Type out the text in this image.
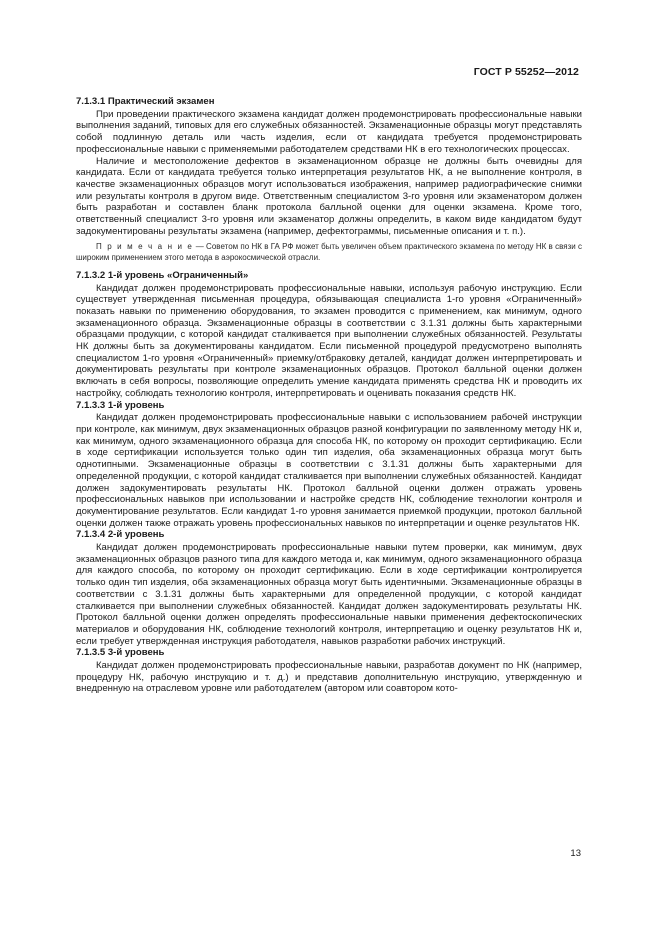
ГОСТ Р 55252—2012
7.1.3.1 Практический экзамен

При проведении практического экзамена кандидат должен продемонстрировать профессиональные навыки выполнения заданий, типовых для его служебных обязанностей. Экзаменационные образцы могут представлять собой подлинную деталь или часть изделия, если от кандидата требуется продемонстрировать профессиональные навыки с применяемыми работодателем средствами НК в его технологических процессах.

Наличие и местоположение дефектов в экзаменационном образце не должны быть очевидны для кандидата. Если от кандидата требуется только интерпретация результатов НК, а не выполнение контроля, в качестве экзаменационных образцов могут использоваться изображения, например радиографические снимки или результаты контроля в другом виде. Ответственным специалистом 3-го уровня или экзаменатором должен быть разработан и составлен бланк протокола балльной оценки для оценки экзамена. Кроме того, ответственный специалист 3-го уровня или экзаменатор должны определить, в каком виде кандидатом будут задокументированы результаты экзамена (например, дефектограммы, письменные описания и т. п.).

П р и м е ч а н и е — Советом по НК в ГА РФ может быть увеличен объем практического экзамена по методу НК в связи с широким применением этого метода в аэрокосмической отрасли.

7.1.3.2 1-й уровень «Ограниченный»

Кандидат должен продемонстрировать профессиональные навыки, используя рабочую инструкцию. Если существует утвержденная письменная процедура, обязывающая специалиста 1-го уровня «Ограниченный» показать навыки по применению оборудования, то экзамен проводится с применением, как минимум, одного экзаменационного образца. Экзаменационные образцы в соответствии с 3.1.31 должны быть характерными образцами продукции, с которой кандидат сталкивается при выполнении служебных обязанностей. Результаты НК должны быть за документированы кандидатом. Если письменной процедурой предусмотрено выполнять специалистом 1-го уровня «Ограниченный» приемку/отбраковку деталей, кандидат должен интерпретировать и документировать результаты при контроле экзаменационных образцов. Протокол балльной оценки должен включать в себя вопросы, позволяющие определить умение кандидата применять средства НК и проводить их настройку, соблюдать технологию контроля, интерпретировать и оценивать показания средств НК.

7.1.3.3 1-й уровень

Кандидат должен продемонстрировать профессиональные навыки с использованием рабочей инструкции при контроле, как минимум, двух экзаменационных образцов разной конфигурации по заявленному методу НК и, как минимум, одного экзаменационного образца для способа НК, по которому он проходит сертификацию. Если в ходе сертификации используется только один тип изделия, оба экзаменационных образца могут быть однотипными. Экзаменационные образцы в соответствии с 3.1.31 должны быть характерными для определенной продукции, с которой кандидат сталкивается при выполнении служебных обязанностей. Кандидат должен задокументировать результаты НК. Протокол балльной оценки должен отражать уровень профессиональных навыков при использовании и настройке средств НК, соблюдение технологии контроля и документирование результатов. Если кандидат 1-го уровня занимается приемкой продукции, протокол балльной оценки должен также отражать уровень профессиональных навыков по интерпретации и оценке результатов НК.

7.1.3.4 2-й уровень

Кандидат должен продемонстрировать профессиональные навыки путем проверки, как минимум, двух экзаменационных образцов разного типа для каждого метода и, как минимум, одного экзаменационного образца для каждого способа, по которому он проходит сертификацию. Если в ходе сертификации контролируется только один тип изделия, оба экзаменационных образца могут быть идентичными. Экзаменационные образцы в соответствии с 3.1.31 должны быть характерными для определенной продукции, с которой кандидат сталкивается при выполнении служебных обязанностей. Кандидат должен задокументировать результаты НК. Протокол балльной оценки должен определять профессиональные навыки применения дефектоскопических материалов и оборудования НК, соблюдение технологий контроля, интерпретацию и оценку результатов НК и, если требует утвержденная инструкция работодателя, навыков разработки рабочих инструкций.

7.1.3.5 3-й уровень

Кандидат должен продемонстрировать профессиональные навыки, разработав документ по НК (например, процедуру НК, рабочую инструкцию и т. д.) и представив дополнительную инструкцию, утвержденную и внедренную на отраслевом уровне или работодателем (автором или соавтором кото-

13
